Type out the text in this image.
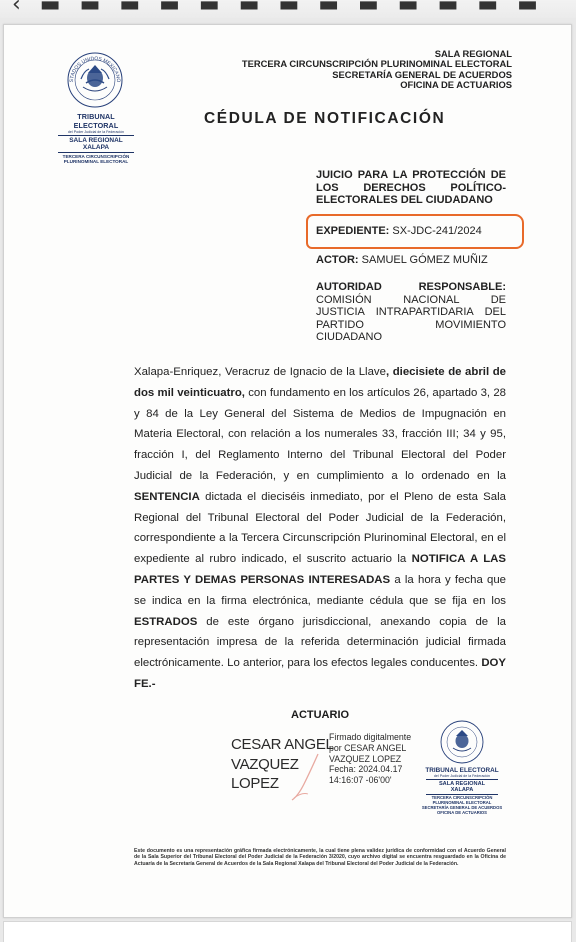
‹ ▬ ▬ ▬ ▬ ▬ ▬ ▬ ▬ ▬ ▬ ▬ ▬ ▬
STADOS UNIDOS MEXICANO
TRIBUNAL ELECTORAL
del Poder Judicial de la Federación
SALA REGIONAL
XALAPA
TERCERA CIRCUNSCRIPCIÓN
PLURINOMINAL ELECTORAL
SALA REGIONAL
TERCERA CIRCUNSCRIPCIÓN PLURINOMINAL ELECTORAL
SECRETARÍA GENERAL DE ACUERDOS
OFICINA DE ACTUARIOS
CÉDULA DE NOTIFICACIÓN
JUICIO PARA LA PROTECCIÓN DE
LOS DERECHOS POLÍTICO-
ELECTORALES DEL CIUDADANO
EXPEDIENTE: SX-JDC-241/2024
ACTOR: SAMUEL GÓMEZ MUÑIZ
AUTORIDAD	RESPONSABLE:
COMISIÓN NACIONAL DE
JUSTICIA INTRAPARTIDARIA DEL
PARTIDO MOVIMIENTO
CIUDADANO
Xalapa-Enriquez, Veracruz de Ignacio de la Llave, diecisiete de abril de dos mil veinticuatro, con fundamento en los artículos 26, apartado 3, 28 y 84 de la Ley General del Sistema de Medios de Impugnación en Materia Electoral, con relación a los numerales 33, fracción III; 34 y 95, fracción I, del Reglamento Interno del Tribunal Electoral del Poder Judicial de la Federación, y en cumplimiento a lo ordenado en la SENTENCIA dictada el dieciséis inmediato, por el Pleno de esta Sala Regional del Tribunal Electoral del Poder Judicial de la Federación, correspondiente a la Tercera Circunscripción Plurinominal Electoral, en el expediente al rubro indicado, el suscrito actuario la NOTIFICA A LAS PARTES Y DEMAS PERSONAS INTERESADAS a la hora y fecha que se indica en la firma electrónica, mediante cédula que se fija en los ESTRADOS de este órgano jurisdiccional, anexando copia de la representación impresa de la referida determinación judicial firmada electrónicamente. Lo anterior, para los efectos legales conducentes. DOY FE.-
ACTUARIO
CESAR ANGEL
VAZQUEZ
LOPEZ
Firmado digitalmente
por CESAR ANGEL
VAZQUEZ LOPEZ
Fecha: 2024.04.17
14:16:07 -06'00'
TRIBUNAL ELECTORAL
del Poder Judicial de la Federación
SALA REGIONAL
XALAPA
TERCERA CIRCUNSCRIPCIÓN
PLURINOMINAL ELECTORAL
SECRETARÍA GENERAL DE ACUERDOS
OFICINA DE ACTUARIOS
Este documento es una representación gráfica firmada electrónicamente, la cual tiene plena validez jurídica de conformidad con el Acuerdo General de la Sala Superior del Tribunal Electoral del Poder Judicial de la Federación 3/2020, cuyo archivo digital se encuentra resguardado en la Oficina de Actuaría de la Secretaría General de Acuerdos de la Sala Regional Xalapa del Tribunal Electoral del Poder Judicial de la Federación.
